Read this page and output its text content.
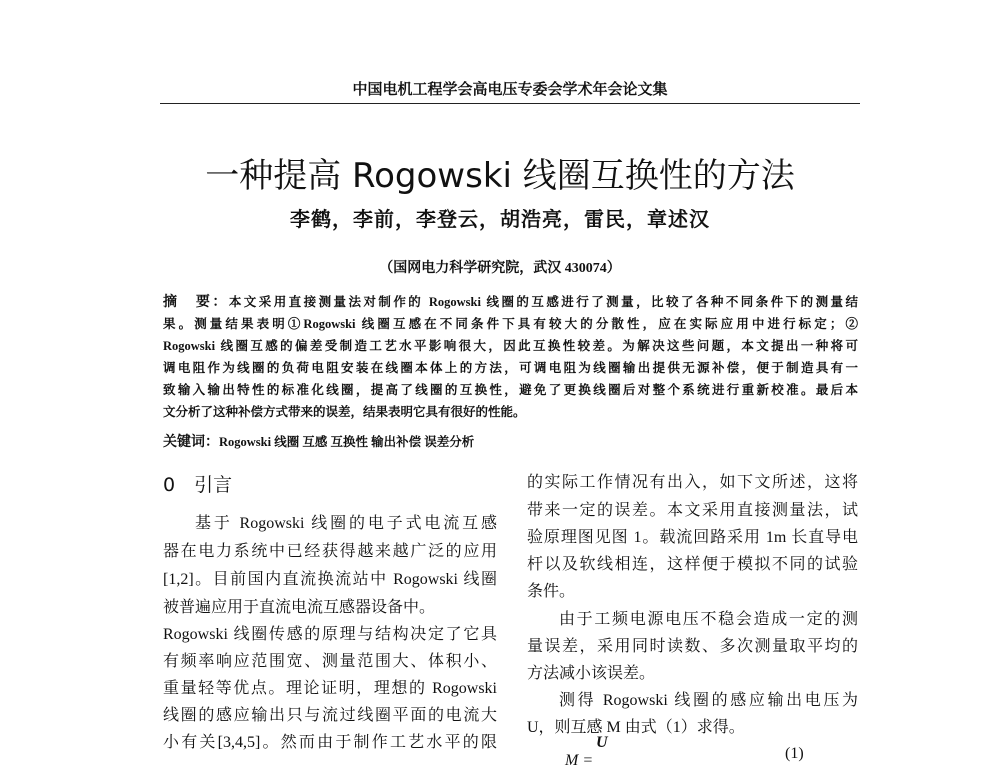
中国电机工程学会高电压专委会学术年会论文集
一种提高 Rogowski 线圈互换性的方法
李鹤，李前，李登云，胡浩亮，雷民，章述汉
（国网电力科学研究院，武汉 430074）
摘　要：本文采用直接测量法对制作的 Rogowski 线圈的互感进行了测量，比较了各种不同条件下的测量结
果。测量结果表明①Rogowski 线圈互感在不同条件下具有较大的分散性，应在实际应用中进行标定；②
Rogowski 线圈互感的偏差受制造工艺水平影响很大，因此互换性较差。为解决这些问题，本文提出一种将可
调电阻作为线圈的负荷电阻安装在线圈本体上的方法，可调电阻为线圈输出提供无源补偿，便于制造具有一
致输入输出特性的标准化线圈，提高了线圈的互换性，避免了更换线圈后对整个系统进行重新校准。最后本
文分析了这种补偿方式带来的误差，结果表明它具有很好的性能。
关键词：Rogowski 线圈 互感 互换性 输出补偿 误差分析
0　引言
基于 Rogowski 线圈的电子式电流互感
器在电力系统中已经获得越来越广泛的应用
[1,2]。目前国内直流换流站中 Rogowski 线圈
被普遍应用于直流电流互感器设备中。
Rogowski 线圈传感的原理与结构决定了它具
有频率响应范围宽、测量范围大、体积小、
重量轻等优点。理论证明，理想的 Rogowski
线圈的感应输出只与流过线圈平面的电流大
小有关[3,4,5]。然而由于制作工艺水平的限
的实际工作情况有出入，如下文所述，这将
带来一定的误差。本文采用直接测量法，试
验原理图见图 1。载流回路采用 1m 长直导电
杆以及软线相连，这样便于模拟不同的试验
条件。
由于工频电源电压不稳会造成一定的测
量误差，采用同时读数、多次测量取平均的
方法减小该误差。
测得 Rogowski 线圈的感应输出电压为
U，则互感 M 由式（1）求得。
U
M =	(1)
